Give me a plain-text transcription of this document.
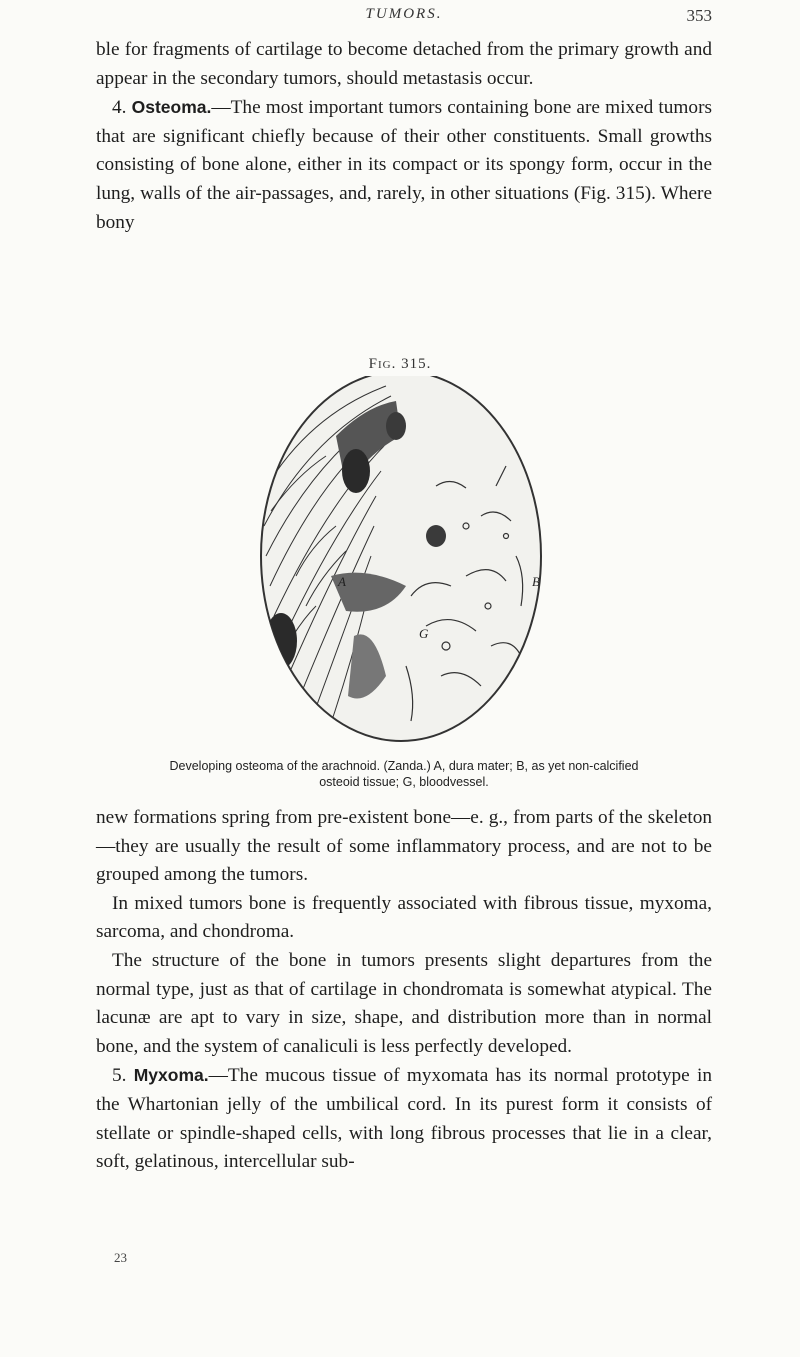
TUMORS.	353

ble for fragments of cartilage to become detached from the primary growth and appear in the secondary tumors, should metastasis occur.

4. Osteoma.—The most important tumors containing bone are mixed tumors that are significant chiefly because of their other constituents. Small growths consisting of bone alone, either in its compact or its spongy form, occur in the lung, walls of the air-passages, and, rarely, in other situations (Fig. 315). Where bony

Fig. 315.
A	B
G
Developing osteoma of the arachnoid. (Zanda.) A, dura mater; B, as yet non-calcified
osteoid tissue; G, bloodvessel.

new formations spring from pre-existent bone—e. g., from parts of the skeleton—they are usually the result of some inflammatory process, and are not to be grouped among the tumors.

In mixed tumors bone is frequently associated with fibrous tissue, myxoma, sarcoma, and chondroma.

The structure of the bone in tumors presents slight departures from the normal type, just as that of cartilage in chondromata is somewhat atypical. The lacunæ are apt to vary in size, shape, and distribution more than in normal bone, and the system of canaliculi is less perfectly developed.

5. Myxoma.—The mucous tissue of myxomata has its normal prototype in the Whartonian jelly of the umbilical cord. In its purest form it consists of stellate or spindle-shaped cells, with long fibrous processes that lie in a clear, soft, gelatinous, intercellular sub-

23
